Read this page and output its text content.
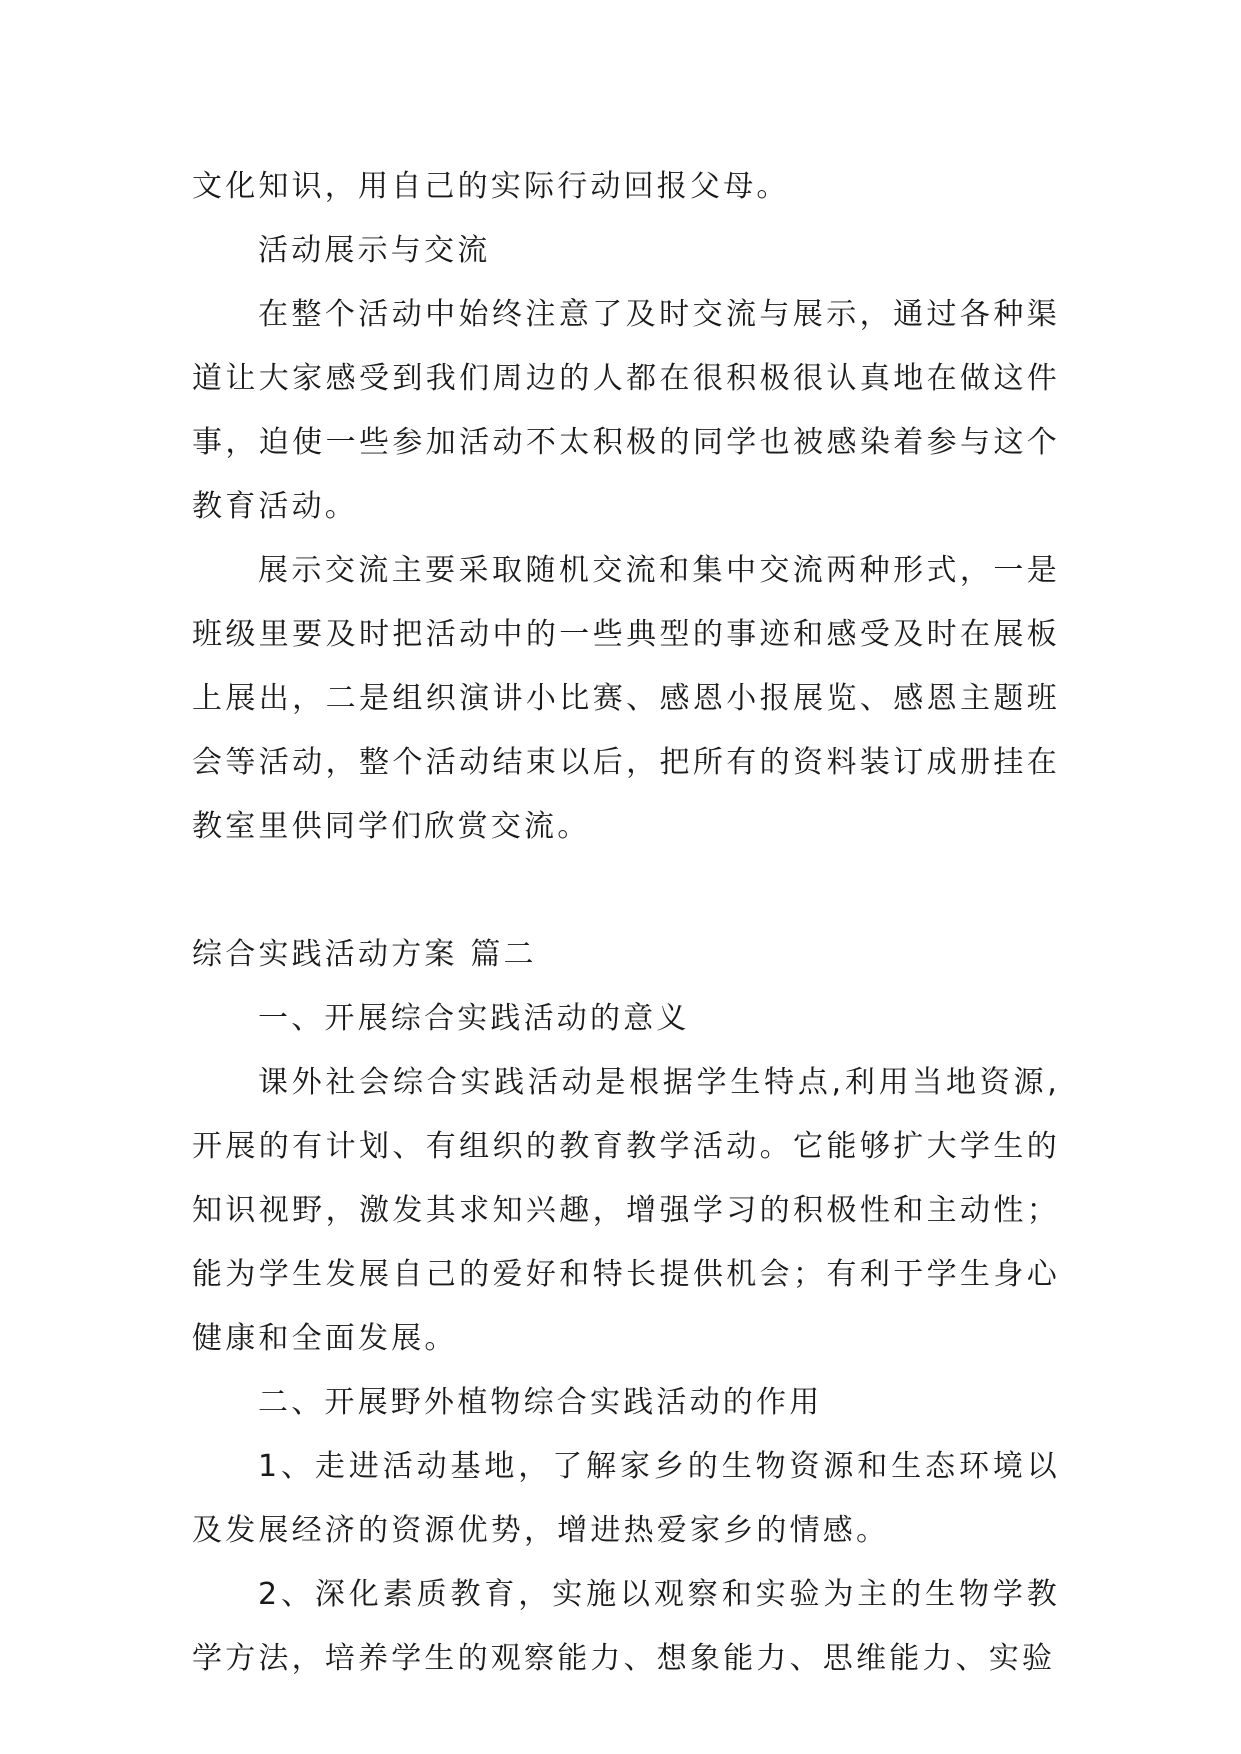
文化知识，用自己的实际行动回报父母。

活动展示与交流

在整个活动中始终注意了及时交流与展示，通过各种渠道让大家感受到我们周边的人都在很积极很认真地在做这件事，迫使一些参加活动不太积极的同学也被感染着参与这个教育活动。

展示交流主要采取随机交流和集中交流两种形式，一是班级里要及时把活动中的一些典型的事迹和感受及时在展板上展出，二是组织演讲小比赛、感恩小报展览、感恩主题班会等活动，整个活动结束以后，把所有的资料装订成册挂在教室里供同学们欣赏交流。

综合实践活动方案 篇二

一、开展综合实践活动的意义

课外社会综合实践活动是根据学生特点,利用当地资源,开展的有计划、有组织的教育教学活动。它能够扩大学生的知识视野，激发其求知兴趣，增强学习的积极性和主动性；能为学生发展自己的爱好和特长提供机会；有利于学生身心健康和全面发展。

二、开展野外植物综合实践活动的作用

1、走进活动基地，了解家乡的生物资源和生态环境以及发展经济的资源优势，增进热爱家乡的情感。

2、深化素质教育，实施以观察和实验为主的生物学教学方法，培养学生的观察能力、想象能力、思维能力、实验
